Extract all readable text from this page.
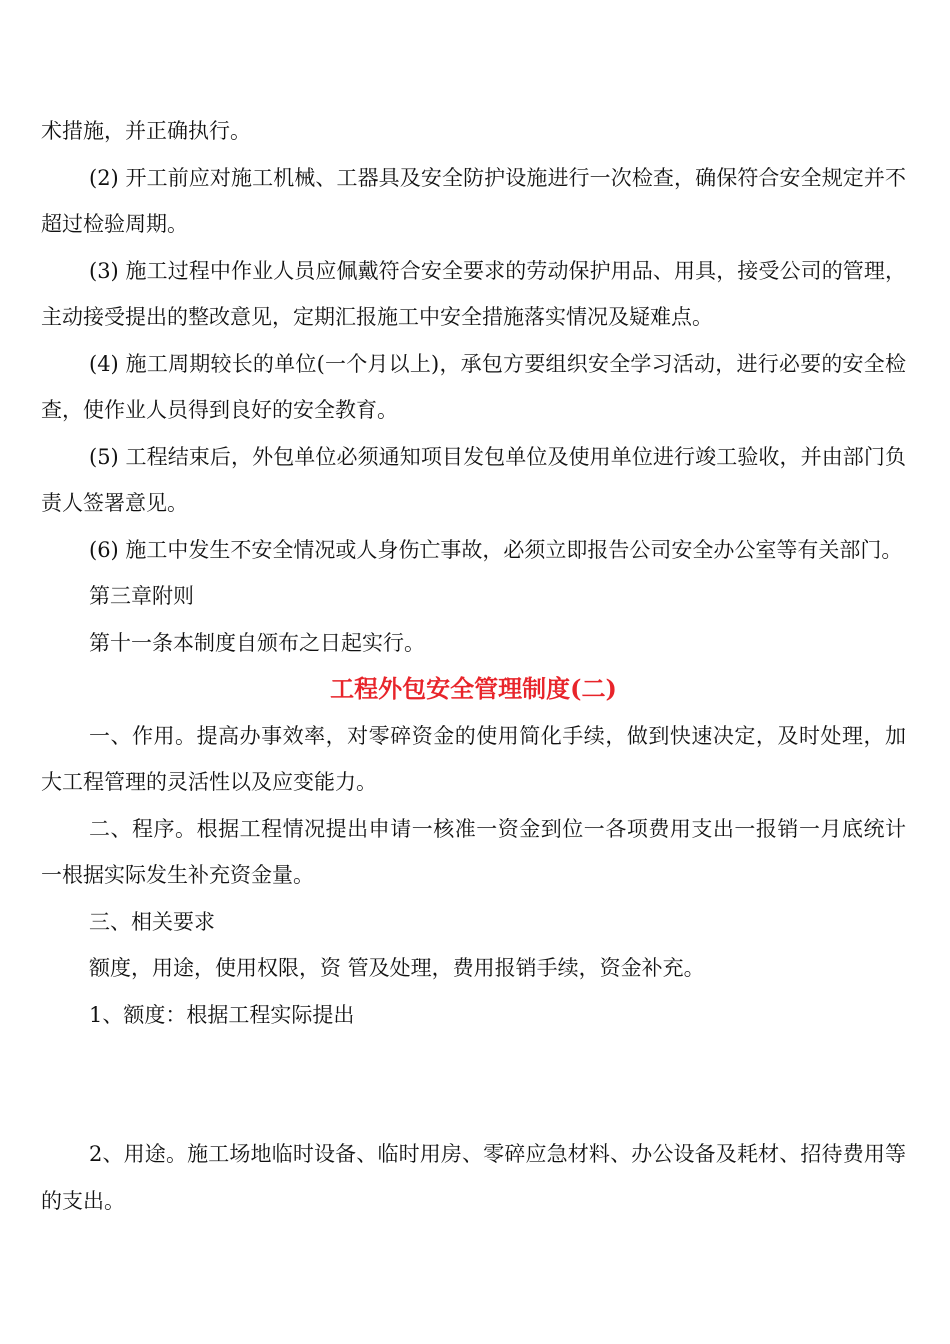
术措施，并正确执行。

(2) 开工前应对施工机械、工器具及安全防护设施进行一次检查，确保符合安全规定并不超过检验周期。

(3) 施工过程中作业人员应佩戴符合安全要求的劳动保护用品、用具，接受公司的管理，主动接受提出的整改意见，定期汇报施工中安全措施落实情况及疑难点。

(4) 施工周期较长的单位(一个月以上)，承包方要组织安全学习活动，进行必要的安全检查，使作业人员得到良好的安全教育。

(5) 工程结束后，外包单位必须通知项目发包单位及使用单位进行竣工验收，并由部门负责人签署意见。

(6) 施工中发生不安全情况或人身伤亡事故，必须立即报告公司安全办公室等有关部门。

第三章附则

第十一条本制度自颁布之日起实行。

工程外包安全管理制度(二)

一、作用。提高办事效率，对零碎资金的使用简化手续，做到快速决定，及时处理，加大工程管理的灵活性以及应变能力。

二、程序。根据工程情况提出申请一核准一资金到位一各项费用支出一报销一月底统计一根据实际发生补充资金量。

三、相关要求

额度，用途，使用权限，资 管及处理，费用报销手续，资金补充。

1、额度：根据工程实际提出

2、用途。施工场地临时设备、临时用房、零碎应急材料、办公设备及耗材、招待费用等的支出。
